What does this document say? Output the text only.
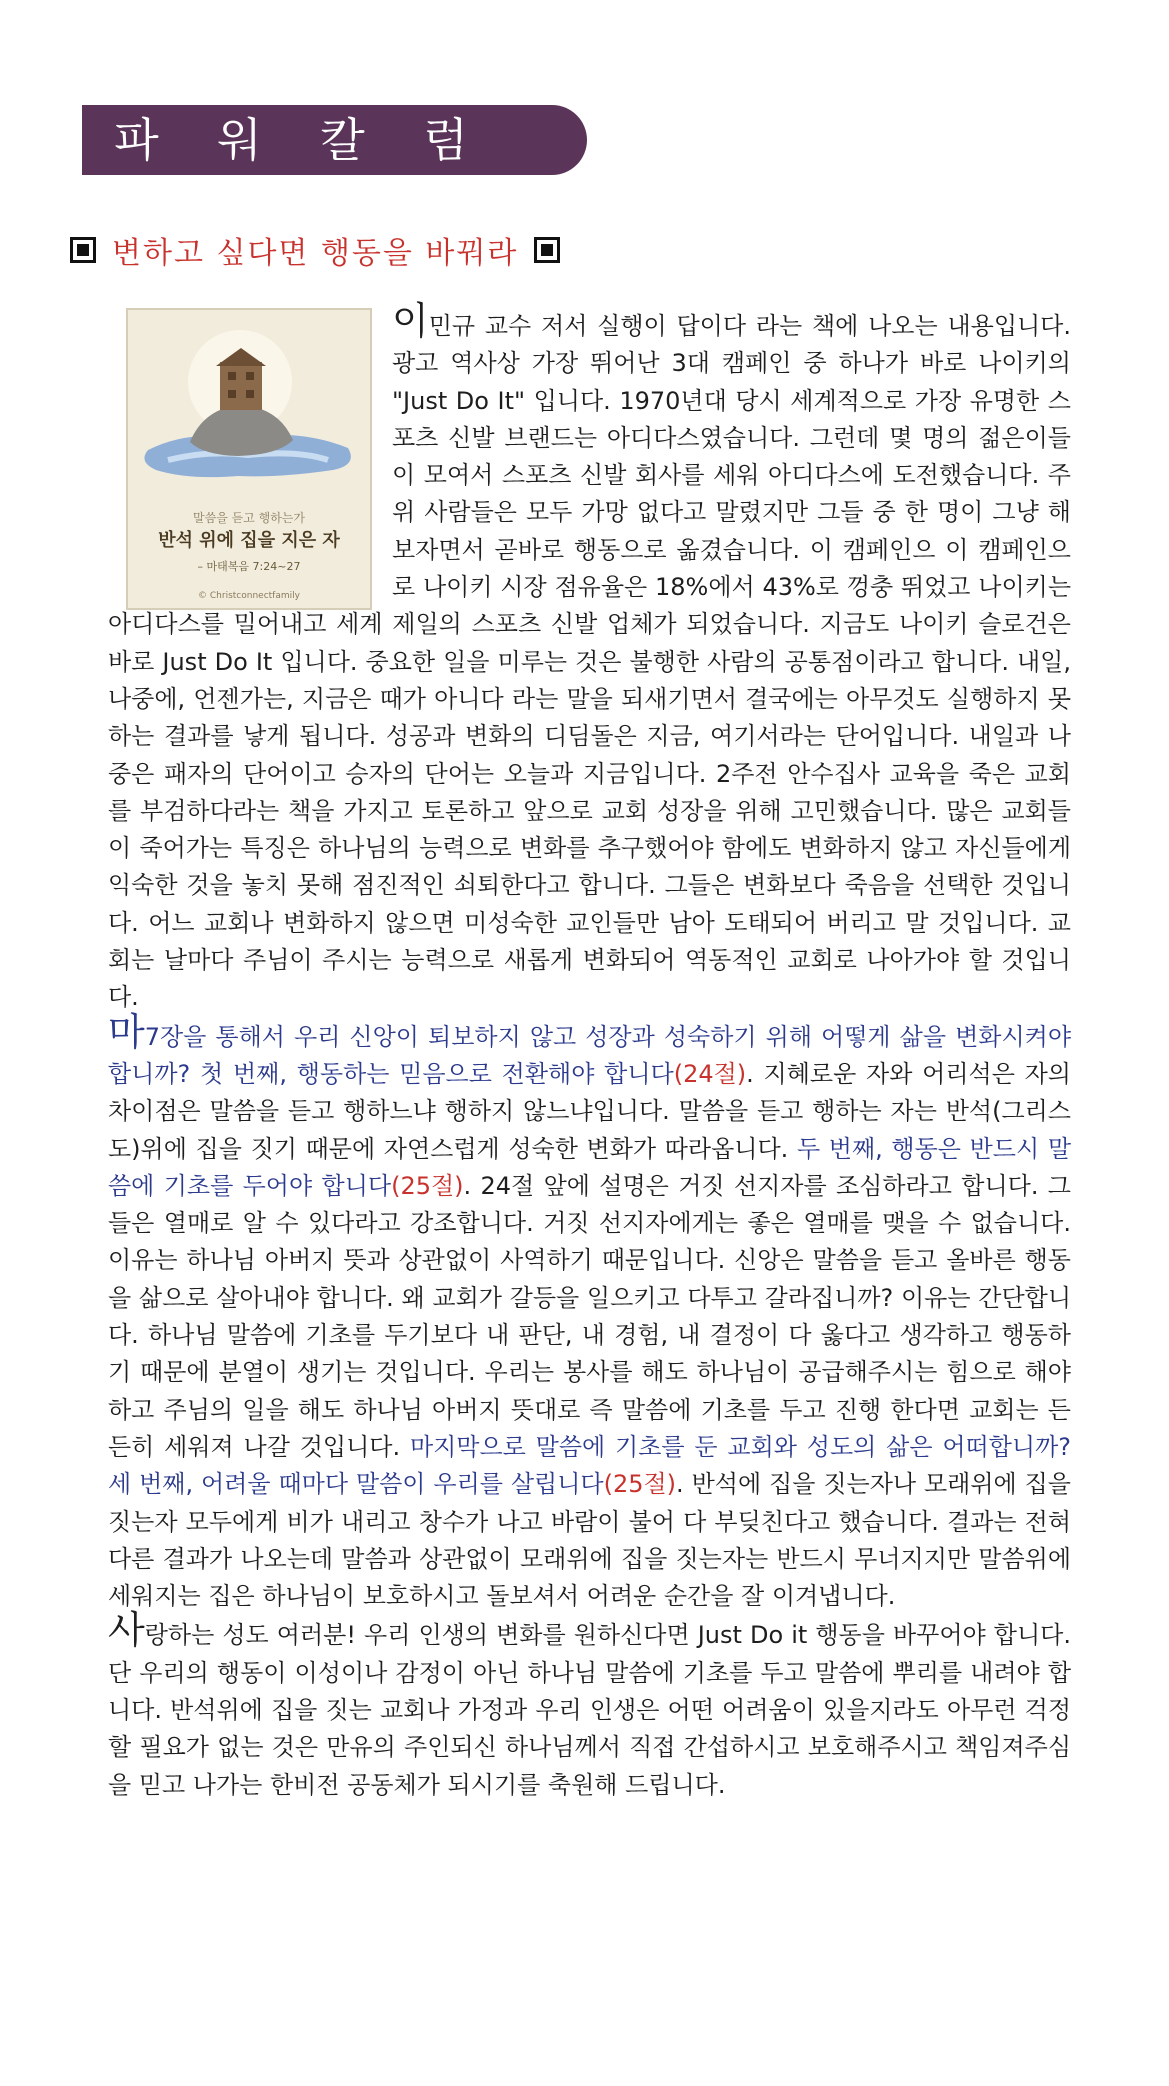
파 워 칼 럼
변하고 싶다면 행동을 바꿔라
말씀을 듣고 행하는가
반석 위에 집을 지은 자
– 마태복음 7:24~27
© Christconnectfamily

이민규 교수 저서 실행이 답이다 라는 책에 나오는 내용입니다. 광고 역사상 가장 뛰어난 3대 캠페인 중 하나가 바로 나이키의 "Just Do It" 입니다. 1970년대 당시 세계적으로 가장 유명한 스포츠 신발 브랜드는 아디다스였습니다. 그런데 몇 명의 젊은이들이 모여서 스포츠 신발 회사를 세워 아디다스에 도전했습니다. 주위 사람들은 모두 가망 없다고 말렸지만 그들 중 한 명이 그냥 해보자면서 곧바로 행동으로 옮겼습니다. 이 캠페인으 이 캠페인으로 나이키 시장 점유율은 18%에서 43%로 껑충 뛰었고 나이키는 아디다스를 밀어내고 세계 제일의 스포츠 신발 업체가 되었습니다. 지금도 나이키 슬로건은 바로 Just Do It 입니다. 중요한 일을 미루는 것은 불행한 사람의 공통점이라고 합니다. 내일, 나중에, 언젠가는, 지금은 때가 아니다 라는 말을 되새기면서 결국에는 아무것도 실행하지 못하는 결과를 낳게 됩니다. 성공과 변화의 디딤돌은 지금, 여기서라는 단어입니다. 내일과 나중은 패자의 단어이고 승자의 단어는 오늘과 지금입니다. 2주전 안수집사 교육을 죽은 교회를 부검하다라는 책을 가지고 토론하고 앞으로 교회 성장을 위해 고민했습니다. 많은 교회들이 죽어가는 특징은 하나님의 능력으로 변화를 추구했어야 함에도 변화하지 않고 자신들에게 익숙한 것을 놓치 못해 점진적인 쇠퇴한다고 합니다. 그들은 변화보다 죽음을 선택한 것입니다. 어느 교회나 변화하지 않으면 미성숙한 교인들만 남아 도태되어 버리고 말 것입니다. 교회는 날마다 주님이 주시는 능력으로 새롭게 변화되어 역동적인 교회로 나아가야 할 것입니다.

마7장을 통해서 우리 신앙이 퇴보하지 않고 성장과 성숙하기 위해 어떻게 삶을 변화시켜야 합니까? 첫 번째, 행동하는 믿음으로 전환해야 합니다(24절). 지혜로운 자와 어리석은 자의 차이점은 말씀을 듣고 행하느냐 행하지 않느냐입니다. 말씀을 듣고 행하는 자는 반석(그리스도)위에 집을 짓기 때문에 자연스럽게 성숙한 변화가 따라옵니다. 두 번째, 행동은 반드시 말씀에 기초를 두어야 합니다(25절). 24절 앞에 설명은 거짓 선지자를 조심하라고 합니다. 그들은 열매로 알 수 있다라고 강조합니다. 거짓 선지자에게는 좋은 열매를 맺을 수 없습니다. 이유는 하나님 아버지 뜻과 상관없이 사역하기 때문입니다. 신앙은 말씀을 듣고 올바른 행동을 삶으로 살아내야 합니다. 왜 교회가 갈등을 일으키고 다투고 갈라집니까? 이유는 간단합니다. 하나님 말씀에 기초를 두기보다 내 판단, 내 경험, 내 결정이 다 옳다고 생각하고 행동하기 때문에 분열이 생기는 것입니다. 우리는 봉사를 해도 하나님이 공급해주시는 힘으로 해야하고 주님의 일을 해도 하나님 아버지 뜻대로 즉 말씀에 기초를 두고 진행 한다면 교회는 든든히 세워져 나갈 것입니다. 마지막으로 말씀에 기초를 둔 교회와 성도의 삶은 어떠합니까? 세 번째, 어려울 때마다 말씀이 우리를 살립니다(25절). 반석에 집을 짓는자나 모래위에 집을 짓는자 모두에게 비가 내리고 창수가 나고 바람이 불어 다 부딪친다고 했습니다. 결과는 전혀 다른 결과가 나오는데 말씀과 상관없이 모래위에 집을 짓는자는 반드시 무너지지만 말씀위에 세워지는 집은 하나님이 보호하시고 돌보셔서 어려운 순간을 잘 이겨냅니다.

사랑하는 성도 여러분! 우리 인생의 변화를 원하신다면 Just Do it 행동을 바꾸어야 합니다. 단 우리의 행동이 이성이나 감정이 아닌 하나님 말씀에 기초를 두고 말씀에 뿌리를 내려야 합니다. 반석위에 집을 짓는 교회나 가정과 우리 인생은 어떤 어려움이 있을지라도 아무런 걱정할 필요가 없는 것은 만유의 주인되신 하나님께서 직접 간섭하시고 보호해주시고 책임져주심을 믿고 나가는 한비전 공동체가 되시기를 축원해 드립니다.
